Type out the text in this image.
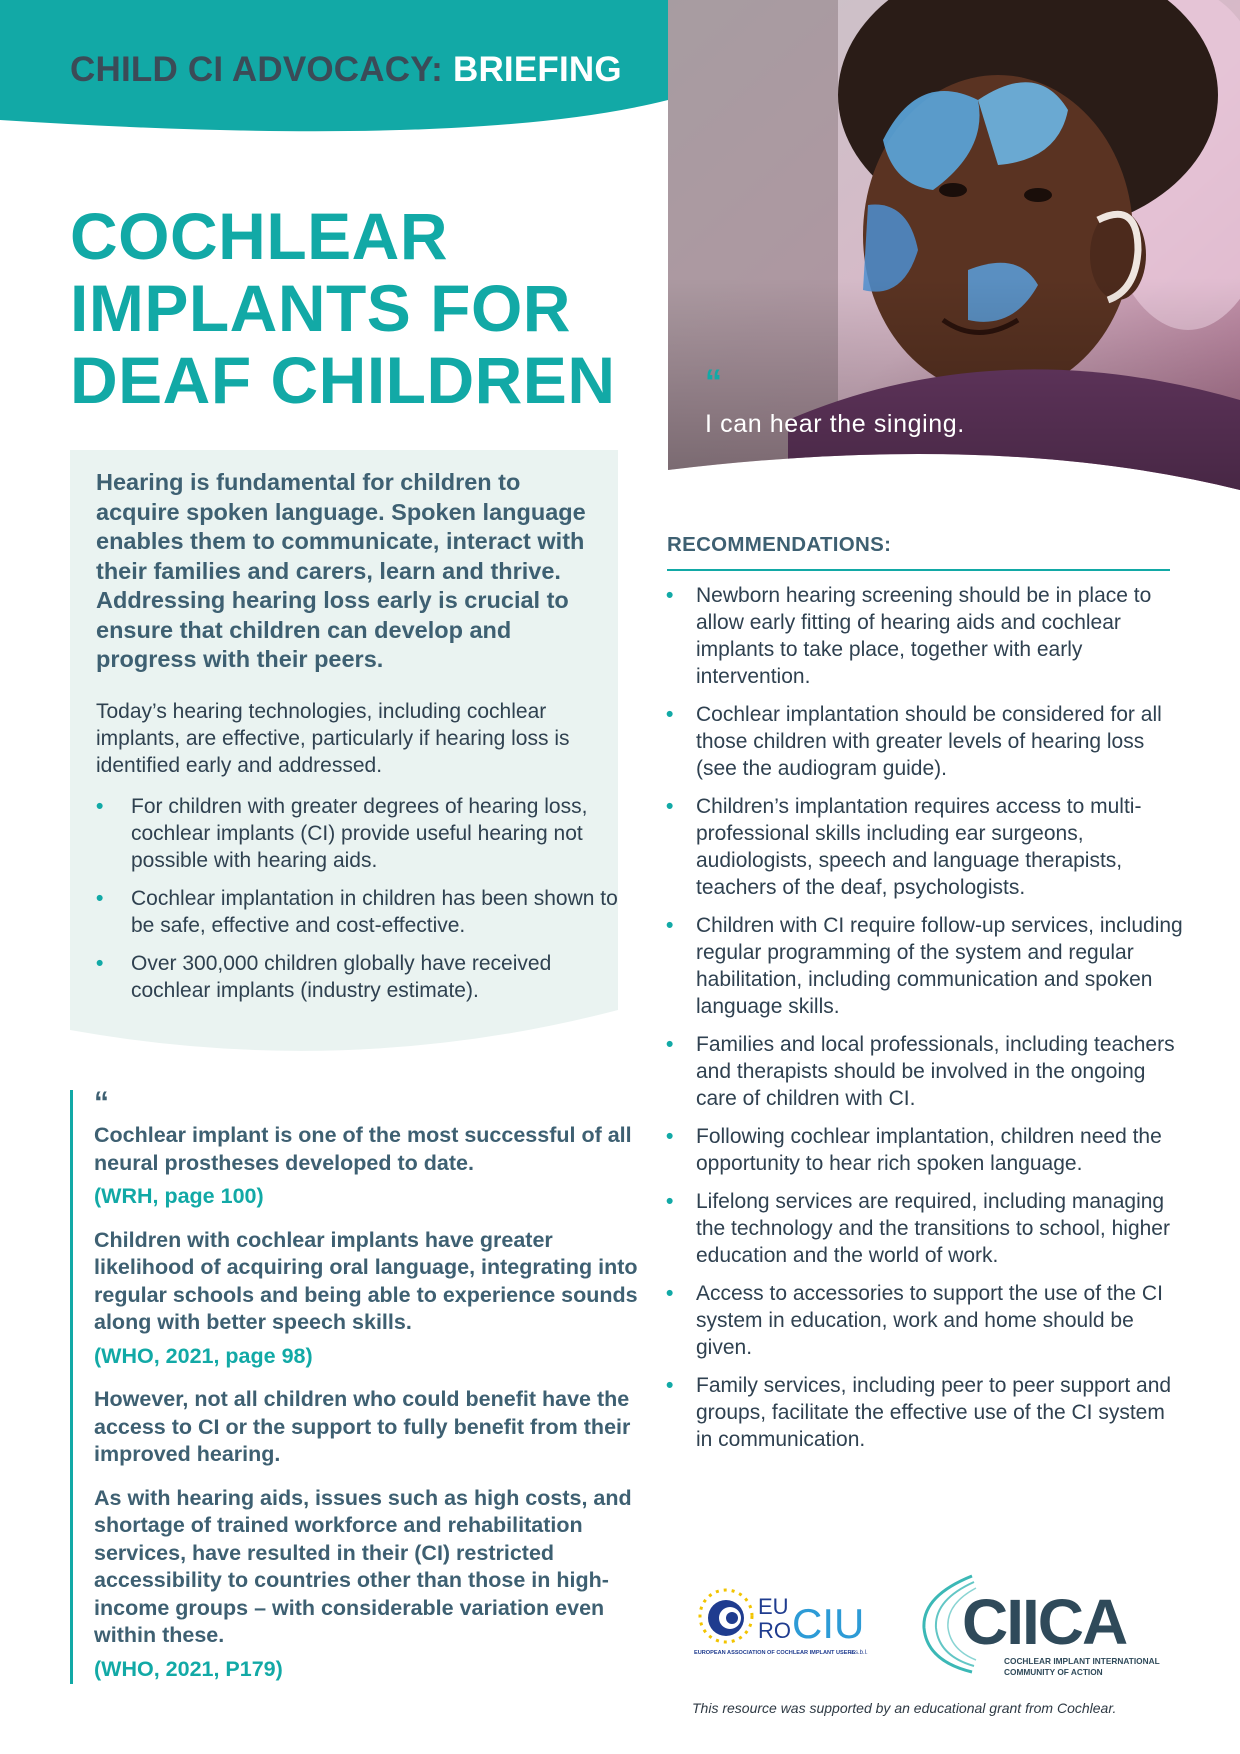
CHILD CI ADVOCACY: BRIEFING
COCHLEAR
IMPLANTS FOR
DEAF CHILDREN	“
I can hear the singing.
Hearing is fundamental for children to acquire spoken language. Spoken language enables them to communicate, interact with their families and carers, learn and thrive. Addressing hearing loss early is crucial to ensure that children can develop and progress with their peers.
Today’s hearing technologies, including cochlear implants, are effective, particularly if hearing loss is identified early and addressed.
• For children with greater degrees of hearing loss, cochlear implants (CI) provide useful hearing not possible with hearing aids.
• Cochlear implantation in children has been shown to be safe, effective and cost-effective.
• Over 300,000 children globally have received cochlear implants (industry estimate).
“
Cochlear implant is one of the most successful of all neural prostheses developed to date.
(WRH, page 100)
Children with cochlear implants have greater likelihood of acquiring oral language, integrating into regular schools and being able to experience sounds along with better speech skills.
(WHO, 2021, page 98)
However, not all children who could benefit have the access to CI or the support to fully benefit from their improved hearing.
As with hearing aids, issues such as high costs, and shortage of trained workforce and rehabilitation services, have resulted in their (CI) restricted accessibility to countries other than those in high-income groups – with considerable variation even within these.
(WHO, 2021, P179)
RECOMMENDATIONS:
• Newborn hearing screening should be in place to allow early fitting of hearing aids and cochlear implants to take place, together with early intervention.
• Cochlear implantation should be considered for all those children with greater levels of hearing loss (see the audiogram guide).
• Children’s implantation requires access to multi-professional skills including ear surgeons, audiologists, speech and language therapists, teachers of the deaf, psychologists.
• Children with CI require follow-up services, including regular programming of the system and regular habilitation, including communication and spoken language skills.
• Families and local professionals, including teachers and therapists should be involved in the ongoing care of children with CI.
• Following cochlear implantation, children need the opportunity to hear rich spoken language.
• Lifelong services are required, including managing the technology and the transitions to school, higher education and the world of work.
• Access to accessories to support the use of the CI system in education, work and home should be given.
• Family services, including peer to peer support and groups, facilitate the effective use of the CI system in communication.
EU
RO CIU
EUROPEAN ASSOCIATION OF COCHLEAR IMPLANT USERS
a.s.b.l. CIICA
COCHLEAR IMPLANT INTERNATIONAL
COMMUNITY OF ACTION
This resource was supported by an educational grant from Cochlear.
